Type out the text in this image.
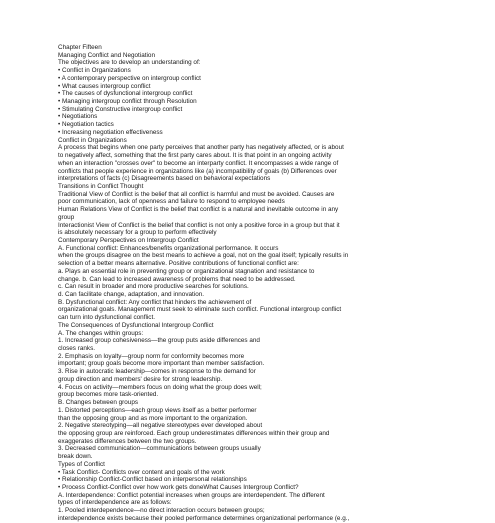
Chapter Fifteen
Managing Conflict and Negotiation
The objectives are to develop an understanding of:
• Conflict in Organizations
• A contemporary perspective on intergroup conflict
• What causes intergroup conflict
• The causes of dysfunctional intergroup conflict
• Managing intergroup conflict through Resolution
• Stimulating Constructive intergroup conflict
• Negotiations
• Negotiation tactics
• Increasing negotiation effectiveness
Conflict in Organizations
A process that begins when one party perceives that another party has negatively affected, or is about
to negatively affect, something that the first party cares about. It is that point in an ongoing activity
when an interaction "crosses over" to become an interparty conflict. It encompasses a wide range of
conflicts that people experience in organizations like (a) incompatibility of goals (b) Differences over
interpretations of facts (c) Disagreements based on behavioral expectations
Transitions in Conflict Thought
Traditional View of Conflict is the belief that all conflict is harmful and must be avoided. Causes are
poor communication, lack of openness and failure to respond to employee needs
Human Relations View of Conflict is the belief that conflict is a natural and inevitable outcome in any
group
Interactionist View of Conflict is the belief that conflict is not only a positive force in a group but that it
is absolutely necessary for a group to perform effectively
Contemporary Perspectives on Intergroup Conflict
A. Functional conflict: Enhances/benefits organizational performance. It occurs
when the groups disagree on the best means to achieve a goal, not on the goal itself; typically results in
selection of a better means alternative. Positive contributions of functional conflict are:
a. Plays an essential role in preventing group or organizational stagnation and resistance to
change. b. Can lead to increased awareness of problems that need to be addressed.
c. Can result in broader and more productive searches for solutions.
d. Can facilitate change, adaptation, and innovation.
B. Dysfunctional conflict: Any conflict that hinders the achievement of
organizational goals. Management must seek to eliminate such conflict. Functional intergroup conflict
can turn into dysfunctional conflict.
The Consequences of Dysfunctional Intergroup Conflict
A. The changes within groups:
1. Increased group cohesiveness—the group puts aside differences and
closes ranks.
2. Emphasis on loyalty—group norm for conformity becomes more
important; group goals become more important than member satisfaction.
3. Rise in autocratic leadership—comes in response to the demand for
group direction and members' desire for strong leadership.
4. Focus on activity—members focus on doing what the group does well;
group becomes more task-oriented.
B. Changes between groups
1. Distorted perceptions—each group views itself as a better performer
than the opposing group and as more important to the organization.
2. Negative stereotyping—all negative stereotypes ever developed about
the opposing group are reinforced. Each group underestimates differences within their group and
exaggerates differences between the two groups.
3. Decreased communication—communications between groups usually
break down.
Types of Conflict
• Task Conflict- Conflicts over content and goals of the work
• Relationship Conflict-Conflict based on interpersonal relationships
• Process Conflict-Conflict over how work gets doneWhat Causes Intergroup Conflict?
A. Interdependence: Conflict potential increases when groups are interdependent. The different
types of interdependence are as follows:
1. Pooled interdependence—no direct interaction occurs between groups;
interdependence exists because their pooled performance determines organizational performance (e.g.,
